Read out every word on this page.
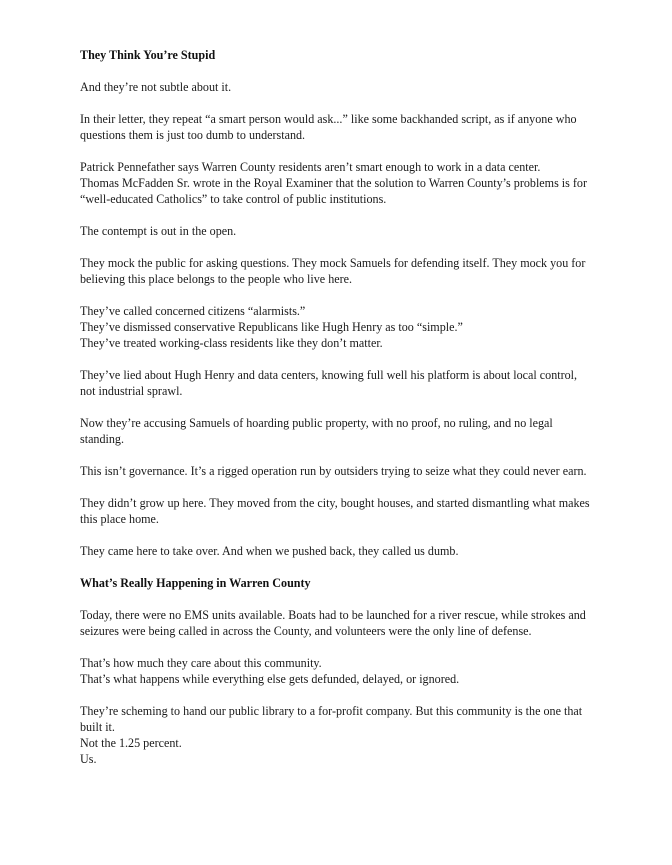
They Think You’re Stupid
And they’re not subtle about it.
In their letter, they repeat “a smart person would ask...” like some backhanded script, as if anyone who
questions them is just too dumb to understand.
Patrick Pennefather says Warren County residents aren’t smart enough to work in a data center.
Thomas McFadden Sr. wrote in the Royal Examiner that the solution to Warren County’s problems is for
“well-educated Catholics” to take control of public institutions.
The contempt is out in the open.
They mock the public for asking questions. They mock Samuels for defending itself. They mock you for
believing this place belongs to the people who live here.
They’ve called concerned citizens “alarmists.”
They’ve dismissed conservative Republicans like Hugh Henry as too “simple.”
They’ve treated working-class residents like they don’t matter.
They’ve lied about Hugh Henry and data centers, knowing full well his platform is about local control,
not industrial sprawl.
Now they’re accusing Samuels of hoarding public property, with no proof, no ruling, and no legal
standing.
This isn’t governance. It’s a rigged operation run by outsiders trying to seize what they could never earn.
They didn’t grow up here. They moved from the city, bought houses, and started dismantling what makes
this place home.
They came here to take over. And when we pushed back, they called us dumb.
What’s Really Happening in Warren County
Today, there were no EMS units available. Boats had to be launched for a river rescue, while strokes and
seizures were being called in across the County, and volunteers were the only line of defense.
That’s how much they care about this community.
That’s what happens while everything else gets defunded, delayed, or ignored.
They’re scheming to hand our public library to a for-profit company. But this community is the one that
built it.
Not the 1.25 percent.
Us.
